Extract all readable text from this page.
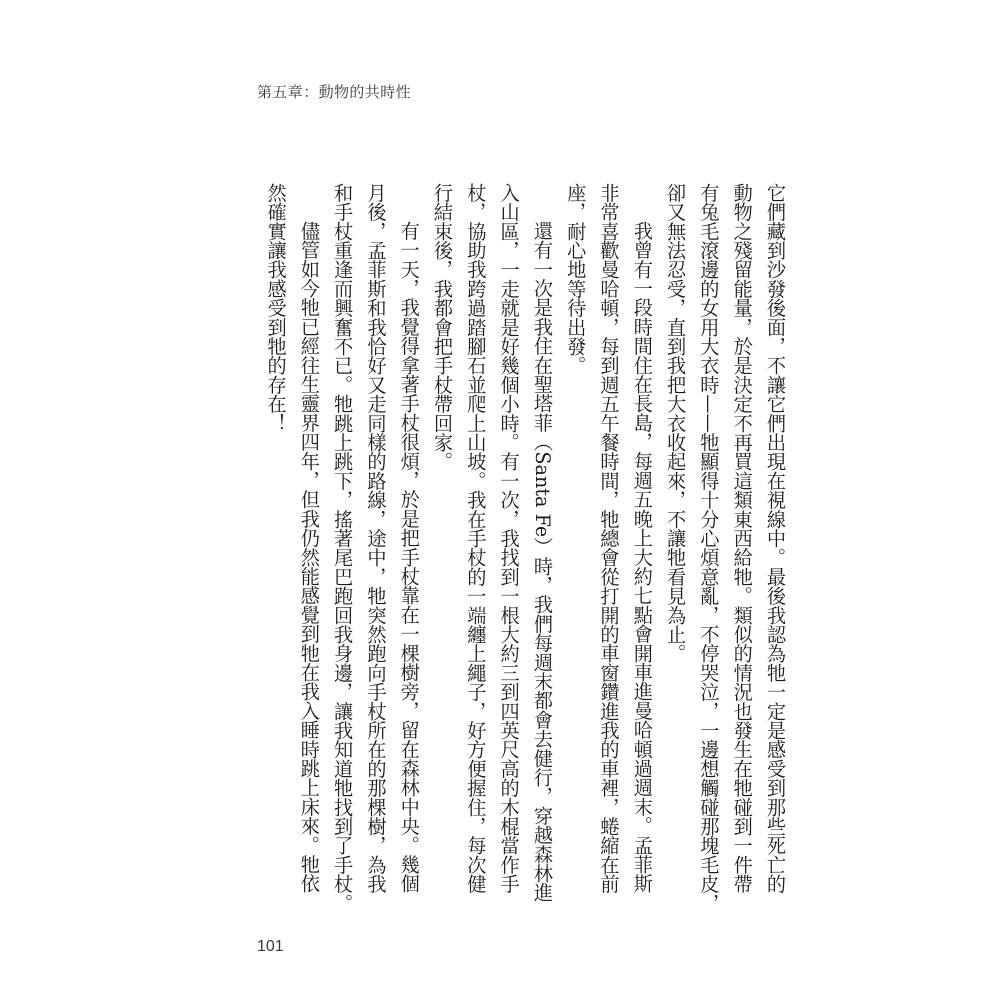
第五章：動物的共時性
它們藏到沙發後面，不讓它們出現在視線中。最後我認為牠一定是感受到那些死亡的
動物之殘留能量，於是決定不再買這類東西給牠。類似的情況也發生在牠碰到一件帶
有兔毛滾邊的女用大衣時——牠顯得十分心煩意亂，不停哭泣，一邊想觸碰那塊毛皮，
卻又無法忍受，直到我把大衣收起來，不讓牠看見為止。
我曾有一段時間住在長島，每週五晚上大約七點會開車進曼哈頓過週末。孟菲斯
非常喜歡曼哈頓，每到週五午餐時間，牠總會從打開的車窗鑽進我的車裡，蜷縮在前
座，耐心地等待出發。
還有一次是我住在聖塔菲（Santa Fe）時，我們每週末都會去健行，穿越森林進
入山區，一走就是好幾個小時。有一次，我找到一根大約三到四英尺高的木棍當作手
杖，協助我跨過踏腳石並爬上山坡。我在手杖的一端纏上繩子，好方便握住，每次健
行結束後，我都會把手杖帶回家。
有一天，我覺得拿著手杖很煩，於是把手杖靠在一棵樹旁，留在森林中央。幾個
月後，孟菲斯和我恰好又走同樣的路線，途中，牠突然跑向手杖所在的那棵樹，為我
和手杖重逢而興奮不已。牠跳上跳下，搖著尾巴跑回我身邊，讓我知道牠找到了手杖。
儘管如今牠已經往生靈界四年，但我仍然能感覺到牠在我入睡時跳上床來。牠依
然確實讓我感受到牠的存在！
101
